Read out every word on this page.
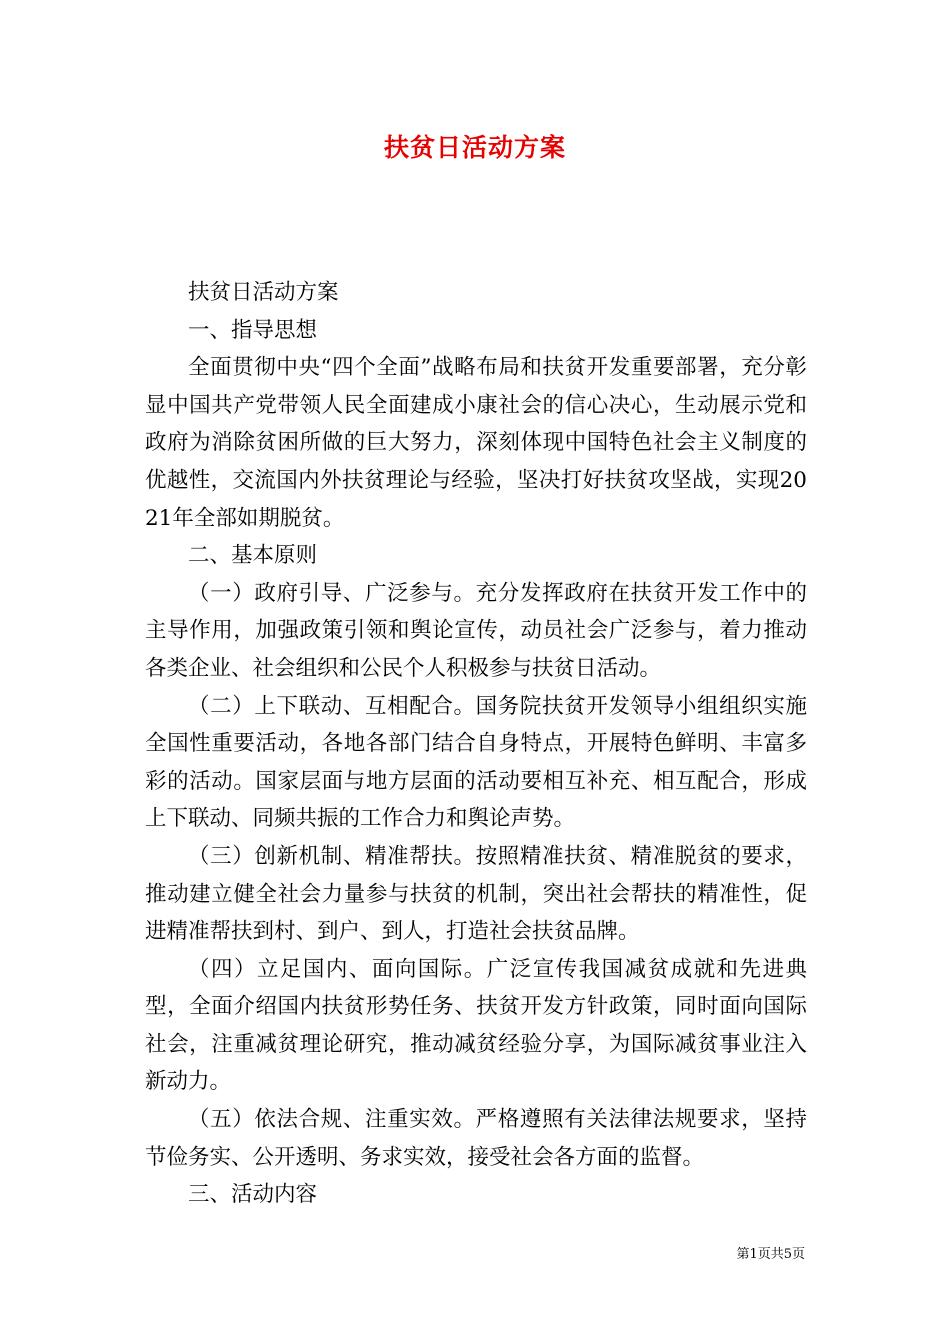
扶贫日活动方案

扶贫日活动方案

一、指导思想

全面贯彻中央“四个全面”战略布局和扶贫开发重要部署，充分彰显中国共产党带领人民全面建成小康社会的信心决心，生动展示党和政府为消除贫困所做的巨大努力，深刻体现中国特色社会主义制度的优越性，交流国内外扶贫理论与经验，坚决打好扶贫攻坚战，实现2021年全部如期脱贫。

二、基本原则

（一）政府引导、广泛参与。充分发挥政府在扶贫开发工作中的主导作用，加强政策引领和舆论宣传，动员社会广泛参与，着力推动各类企业、社会组织和公民个人积极参与扶贫日活动。

（二）上下联动、互相配合。国务院扶贫开发领导小组组织实施全国性重要活动，各地各部门结合自身特点，开展特色鲜明、丰富多彩的活动。国家层面与地方层面的活动要相互补充、相互配合，形成上下联动、同频共振的工作合力和舆论声势。

（三）创新机制、精准帮扶。按照精准扶贫、精准脱贫的要求，推动建立健全社会力量参与扶贫的机制，突出社会帮扶的精准性，促进精准帮扶到村、到户、到人，打造社会扶贫品牌。

（四）立足国内、面向国际。广泛宣传我国减贫成就和先进典型，全面介绍国内扶贫形势任务、扶贫开发方针政策，同时面向国际社会，注重减贫理论研究，推动减贫经验分享，为国际减贫事业注入新动力。

（五）依法合规、注重实效。严格遵照有关法律法规要求，坚持节俭务实、公开透明、务求实效，接受社会各方面的监督。

三、活动内容

第1页共5页
